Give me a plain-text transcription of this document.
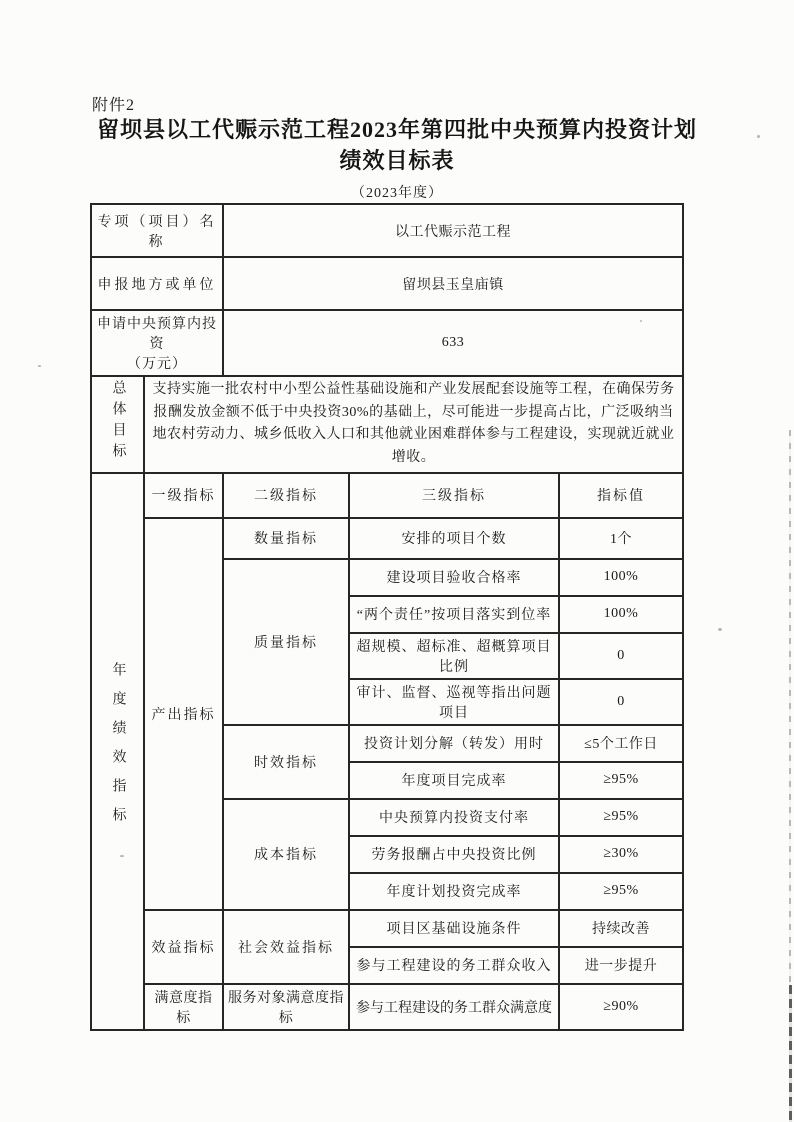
附件2
留坝县以工代赈示范工程2023年第四批中央预算内投资计划
绩效目标表
（2023年度）
专项（项目）名称		以工代赈示范工程		
申报地方或单位		留坝县玉皇庙镇		
申请中央预算内投资
（万元）		633		
总体目标	支持实施一批农村中小型公益性基础设施和产业发展配套设施等工程，在确保劳务报酬发放金额不低于中央投资30%的基础上，尽可能进一步提高占比，广泛吸纳当地农村劳动力、城乡低收入人口和其他就业困难群体参与工程建设，实现就近就业增收。			
年度绩效指标	一级指标	二级指标	三级指标	指标值
	产出指标	数量指标	安排的项目个数	1个
		质量指标	建设项目验收合格率	100%
			“两个责任”按项目落实到位率	100%
			超规模、超标准、超概算项目比例	0
			审计、监督、巡视等指出问题项目	0
		时效指标	投资计划分解（转发）用时	≤5个工作日
			年度项目完成率	≥95%
		成本指标	中央预算内投资支付率	≥95%
			劳务报酬占中央投资比例	≥30%
			年度计划投资完成率	≥95%
	效益指标	社会效益指标	项目区基础设施条件	持续改善
			参与工程建设的务工群众收入	进一步提升
	满意度指标	服务对象满意度指标	参与工程建设的务工群众满意度	≥90%
